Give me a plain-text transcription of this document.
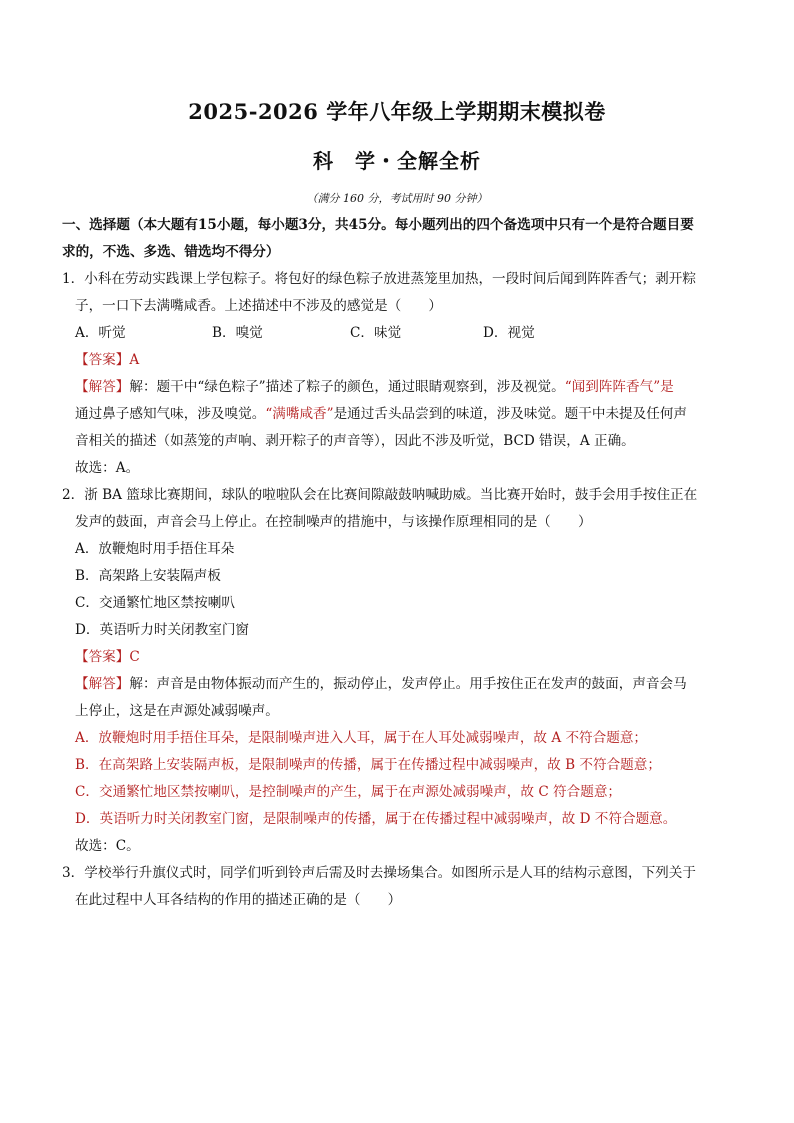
2025-2026 学年八年级上学期期末模拟卷
科　学・全解全析
（满分 160 分，考试用时 90 分钟）
一、选择题（本大题有15小题，每小题3分，共45分。每小题列出的四个备选项中只有一个是符合题目要
求的，不选、多选、错选均不得分）
1．小科在劳动实践课上学包粽子。将包好的绿色粽子放进蒸笼里加热，一段时间后闻到阵阵香气；剥开粽
子，一口下去满嘴咸香。上述描述中不涉及的感觉是（　　）
A．听觉	B．嗅觉	C．味觉	D．视觉
【答案】A
【解答】解：题干中“绿色粽子”描述了粽子的颜色，通过眼睛观察到，涉及视觉。“闻到阵阵香气”是
通过鼻子感知气味，涉及嗅觉。“满嘴咸香”是通过舌头品尝到的味道，涉及味觉。题干中未提及任何声
音相关的描述（如蒸笼的声响、剥开粽子的声音等），因此不涉及听觉，BCD 错误，A 正确。
故选：A。
2．浙 BA 篮球比赛期间，球队的啦啦队会在比赛间隙敲鼓呐喊助威。当比赛开始时，鼓手会用手按住正在
发声的鼓面，声音会马上停止。在控制噪声的措施中，与该操作原理相同的是（　　）
A．放鞭炮时用手捂住耳朵
B．高架路上安装隔声板
C．交通繁忙地区禁按喇叭
D．英语听力时关闭教室门窗
【答案】C
【解答】解：声音是由物体振动而产生的，振动停止，发声停止。用手按住正在发声的鼓面，声音会马
上停止，这是在声源处减弱噪声。
A．放鞭炮时用手捂住耳朵，是限制噪声进入人耳，属于在人耳处减弱噪声，故 A 不符合题意；
B．在高架路上安装隔声板，是限制噪声的传播，属于在传播过程中减弱噪声，故 B 不符合题意；
C．交通繁忙地区禁按喇叭，是控制噪声的产生，属于在声源处减弱噪声，故 C 符合题意；
D．英语听力时关闭教室门窗，是限制噪声的传播，属于在传播过程中减弱噪声，故 D 不符合题意。
故选：C。
3．学校举行升旗仪式时，同学们听到铃声后需及时去操场集合。如图所示是人耳的结构示意图，下列关于
在此过程中人耳各结构的作用的描述正确的是（　　）
